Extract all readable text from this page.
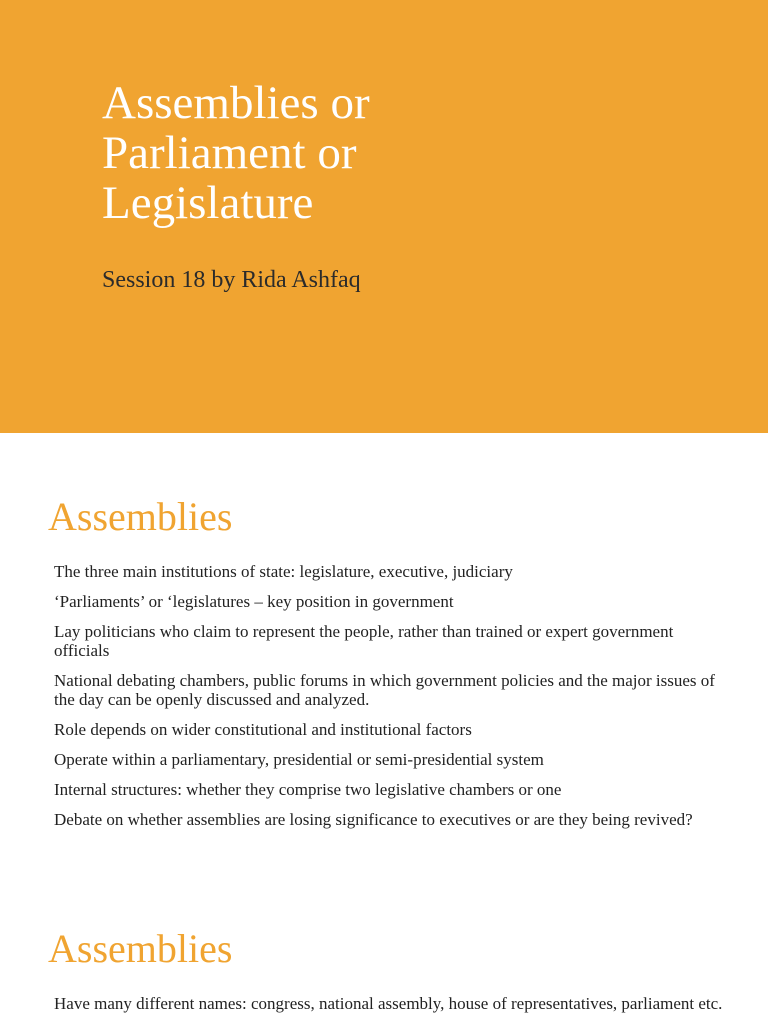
Assemblies or
Parliament or
Legislature

Session 18 by Rida Ashfaq

Assemblies
The three main institutions of state: legislature, executive, judiciary
‘Parliaments’ or ‘legislatures – key position in government
Lay politicians who claim to represent the people, rather than trained or expert government officials
National debating chambers, public forums in which government policies and the major issues of the day can be openly discussed and analyzed.
Role depends on wider constitutional and institutional factors
Operate within a parliamentary, presidential or semi-presidential system
Internal structures: whether they comprise two legislative chambers or one
Debate on whether assemblies are losing significance to executives or are they being revived?
Assemblies
Have many different names: congress, national assembly, house of representatives, parliament etc.
